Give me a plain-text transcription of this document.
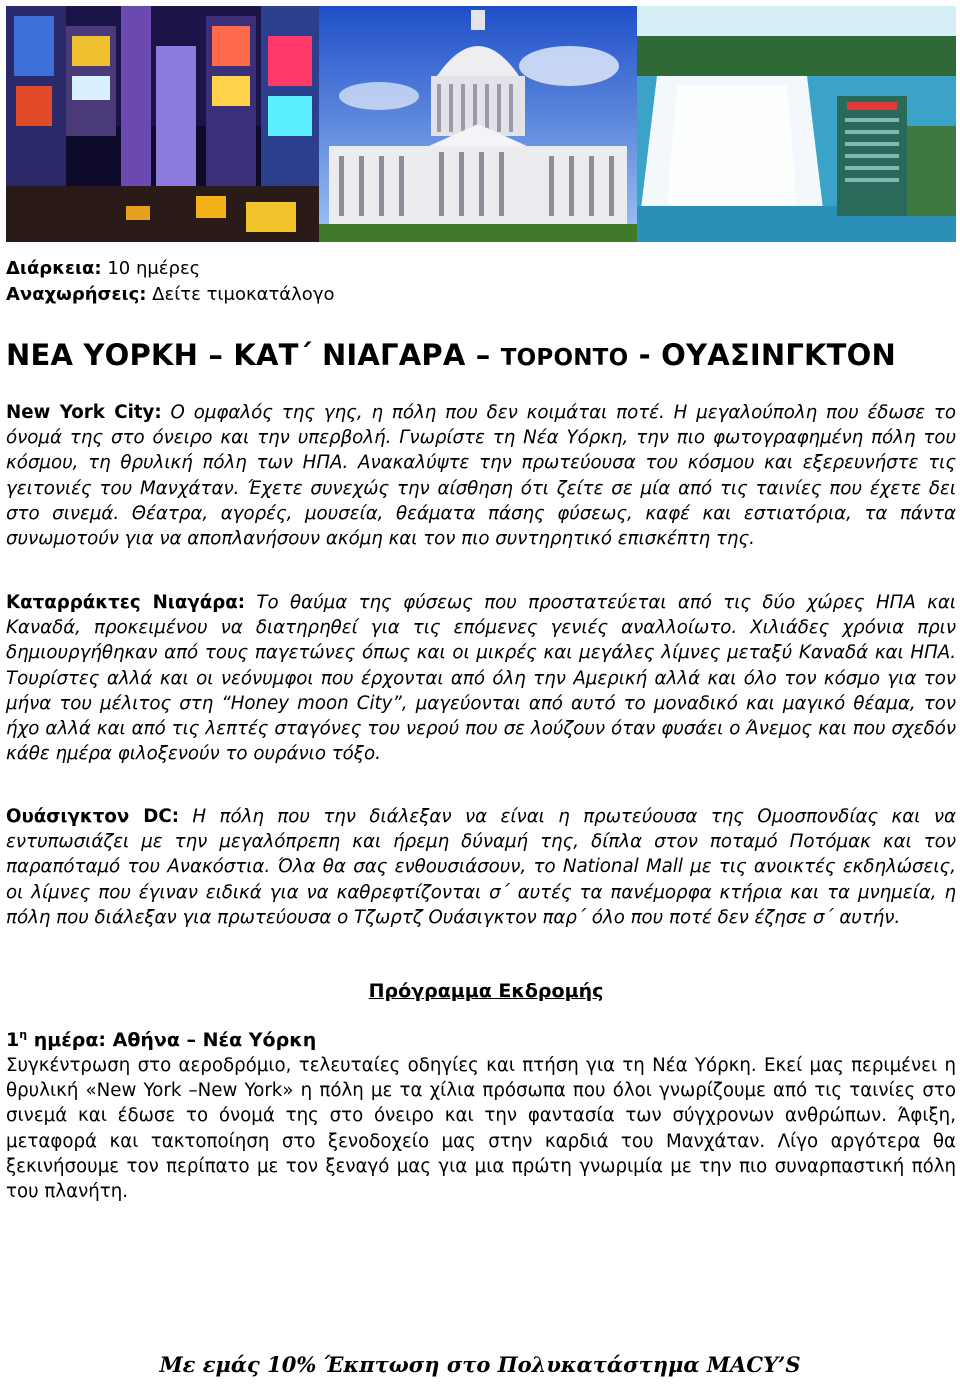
Διάρκεια: 10 ημέρες
Αναχωρήσεις: Δείτε τιμοκατάλογο
ΝΕΑ ΥΟΡΚΗ – ΚΑΤ΄ ΝΙΑΓΑΡΑ – ΤΟΡΟΝΤΟ - ΟΥΑΣΙΝΓΚΤΟΝ
New York City: Ο ομφαλός της γης, η πόλη που δεν κοιμάται ποτέ. Η μεγαλούπολη που έδωσε το όνομά της στο όνειρο και την υπερβολή. Γνωρίστε τη Νέα Υόρκη, την πιο φωτογραφημένη πόλη του κόσμου, τη θρυλική πόλη των ΗΠΑ. Ανακαλύψτε την πρωτεύουσα του κόσμου και εξερευνήστε τις γειτονιές του Μανχάταν. Έχετε συνεχώς την αίσθηση ότι ζείτε σε μία από τις ταινίες που έχετε δει στο σινεμά. Θέατρα, αγορές, μουσεία, θεάματα πάσης φύσεως, καφέ και εστιατόρια, τα πάντα συνωμοτούν για να αποπλανήσουν ακόμη και τον πιο συντηρητικό επισκέπτη της.
Καταρράκτες Νιαγάρα: Το θαύμα της φύσεως που προστατεύεται από τις δύο χώρες ΗΠΑ και Καναδά, προκειμένου να διατηρηθεί για τις επόμενες γενιές αναλλοίωτο. Χιλιάδες χρόνια πριν δημιουργήθηκαν από τους παγετώνες όπως και οι μικρές και μεγάλες λίμνες μεταξύ Καναδά και ΗΠΑ. Τουρίστες αλλά και οι νεόνυμφοι που έρχονται από όλη την Αμερική αλλά και όλο τον κόσμο για τον μήνα του μέλιτος στη “Honey moon City”, μαγεύονται από αυτό το μοναδικό και μαγικό θέαμα, τον ήχο αλλά και από τις λεπτές σταγόνες του νερού που σε λούζουν όταν φυσάει ο Άνεμος και που σχεδόν κάθε ημέρα φιλοξενούν το ουράνιο τόξο.
Ουάσιγκτον DC: Η πόλη που την διάλεξαν να είναι η πρωτεύουσα της Ομοσπονδίας και να εντυπωσιάζει με την μεγαλόπρεπη και ήρεμη δύναμή της, δίπλα στον ποταμό Ποτόμακ και τον παραπόταμό του Ανακόστια. Όλα θα σας ενθουσιάσουν, το National Mall με τις ανοικτές εκδηλώσεις, οι λίμνες που έγιναν ειδικά για να καθρεφτίζονται σ΄ αυτές τα πανέμορφα κτήρια και τα μνημεία, η πόλη που διάλεξαν για πρωτεύουσα ο Τζωρτζ Ουάσιγκτον παρ΄ όλο που ποτέ δεν έζησε σ΄ αυτήν.
Πρόγραμμα Εκδρομής
$1^\eta$ ημέρα: Αθήνα – Νέα Υόρκη
Συγκέντρωση στο αεροδρόμιο, τελευταίες οδηγίες και πτήση για τη Νέα Υόρκη. Εκεί μας περιμένει η θρυλική «New York –New York» η πόλη με τα χίλια πρόσωπα που όλοι γνωρίζουμε από τις ταινίες στο σινεμά και έδωσε το όνομά της στο όνειρο και την φαντασία των σύγχρονων ανθρώπων. Άφιξη, μεταφορά και τακτοποίηση στο ξενοδοχείο μας στην καρδιά του Μανχάταν. Λίγο αργότερα θα ξεκινήσουμε τον περίπατο με τον ξεναγό μας για μια πρώτη γνωριμία με την πιο συναρπαστική πόλη του πλανήτη.
Με εμάς 10% Έκπτωση στο Πολυκατάστημα MACY’S
